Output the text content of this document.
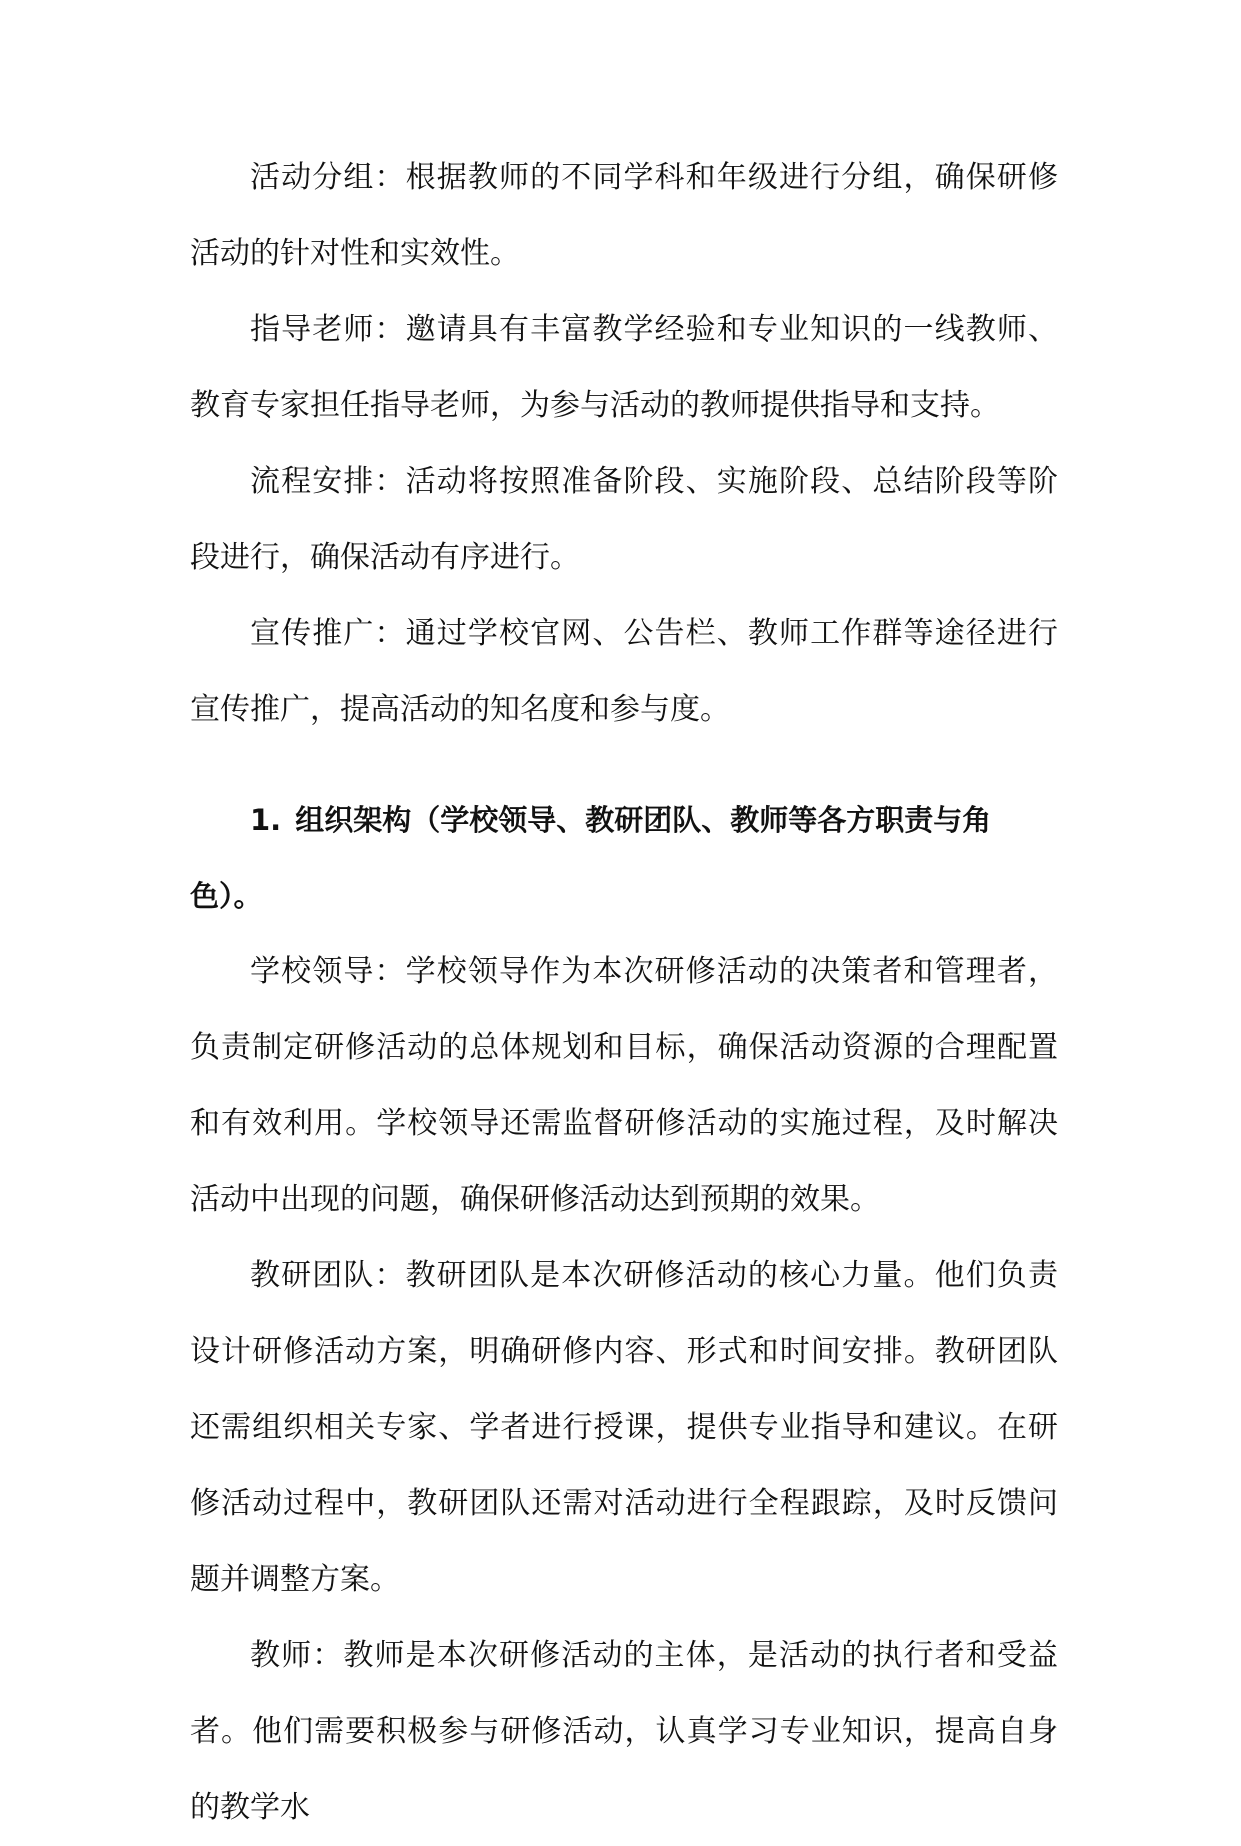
活动分组：根据教师的不同学科和年级进行分组，确保研修活动的针对性和实效性。

指导老师：邀请具有丰富教学经验和专业知识的一线教师、教育专家担任指导老师，为参与活动的教师提供指导和支持。

流程安排：活动将按照准备阶段、实施阶段、总结阶段等阶段进行，确保活动有序进行。

宣传推广：通过学校官网、公告栏、教师工作群等途径进行宣传推广，提高活动的知名度和参与度。

1. 组织架构（学校领导、教研团队、教师等各方职责与角色）。

学校领导：学校领导作为本次研修活动的决策者和管理者，负责制定研修活动的总体规划和目标，确保活动资源的合理配置和有效利用。学校领导还需监督研修活动的实施过程，及时解决活动中出现的问题，确保研修活动达到预期的效果。

教研团队：教研团队是本次研修活动的核心力量。他们负责设计研修活动方案，明确研修内容、形式和时间安排。教研团队还需组织相关专家、学者进行授课，提供专业指导和建议。在研修活动过程中，教研团队还需对活动进行全程跟踪，及时反馈问题并调整方案。

教师：教师是本次研修活动的主体，是活动的执行者和受益者。他们需要积极参与研修活动，认真学习专业知识，提高自身的教学水
